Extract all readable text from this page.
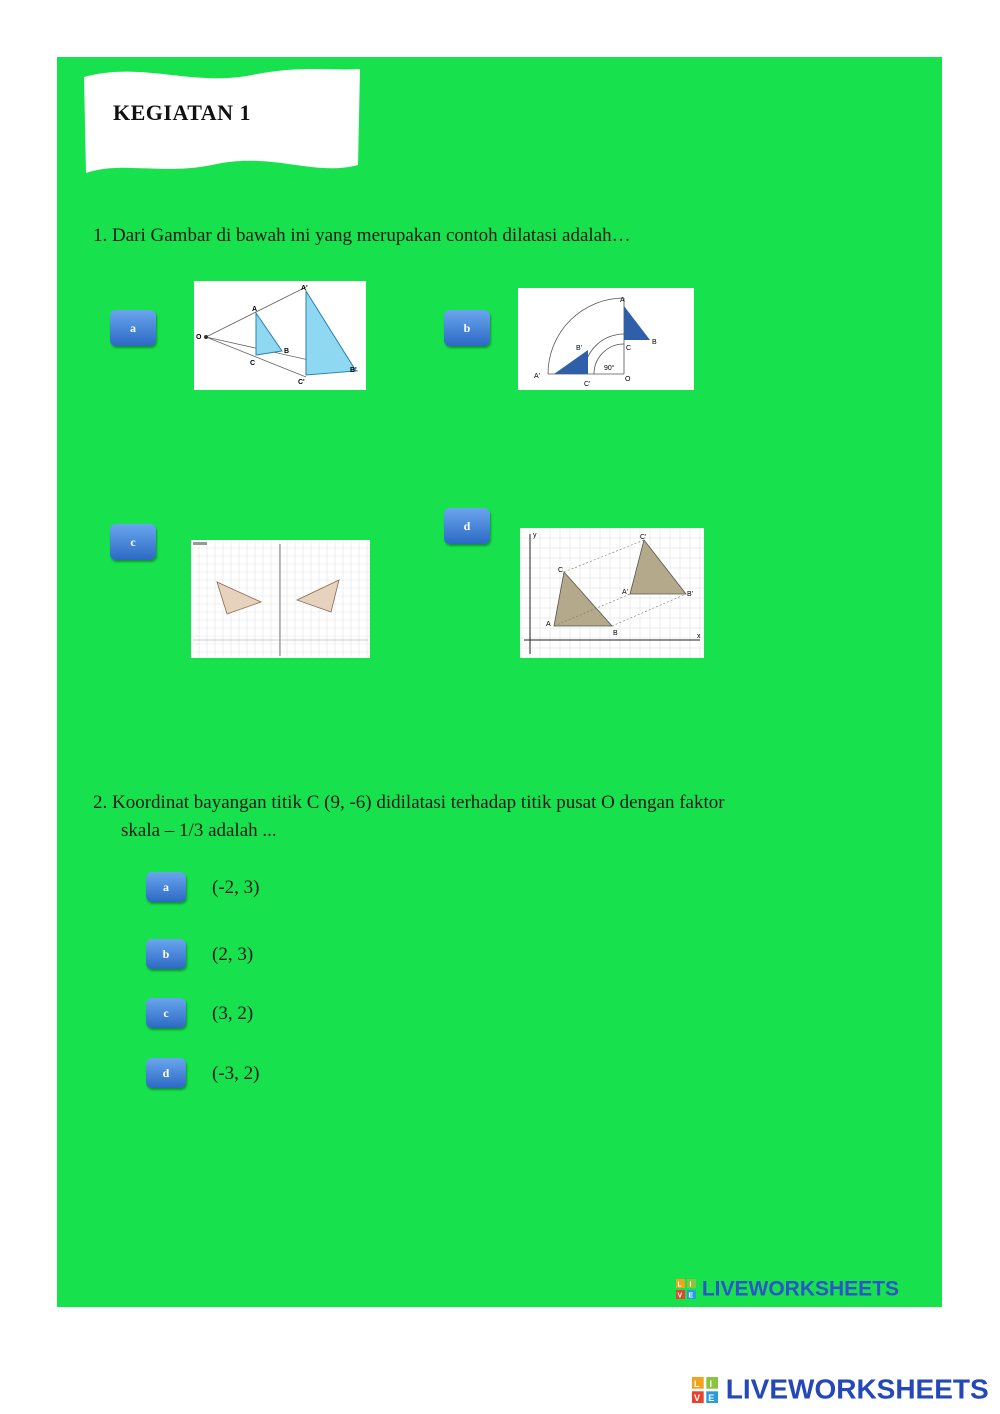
KEGIATAN 1
1. Dari Gambar di bawah ini yang merupakan contoh dilatasi adalah…
a	b
c
d
O
A
C
B
A'
C'
B'
A
B'	C
B
A'
C'
O
90°
C
C'
A'	B'
A
B	x
y
2. Koordinat bayangan titik C (9, -6) didilatasi terhadap titik pusat O dengan faktor
skala – 1/3 adalah ...
a	(-2, 3)
b	(2, 3)
c	(3, 2)
d	(-3, 2)
L I
V E LIVEWORKSHEETS
L I
V E LIVEWORKSHEETS
